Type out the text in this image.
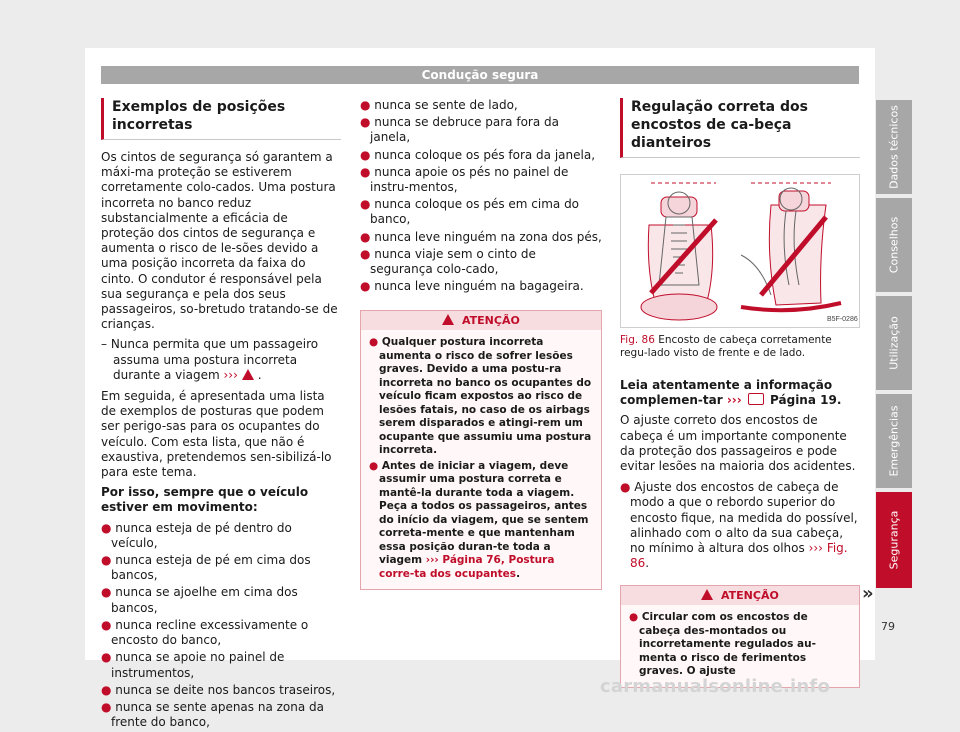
Condução segura
Exemplos de posições incorretas

Os cintos de segurança só garantem a máxi-ma proteção se estiverem corretamente colo-cados. Uma postura incorreta no banco reduz substancialmente a eficácia de proteção dos cintos de segurança e aumenta o risco de le-sões devido a uma posição incorreta da faixa do cinto. O condutor é responsável pela sua segurança e pela dos seus passageiros, so-bretudo tratando-se de crianças.

– Nunca permita que um passageiro assuma uma postura incorreta durante a viagem ››› .

Em seguida, é apresentada uma lista de exemplos de posturas que podem ser perigo-sas para os ocupantes do veículo. Com esta lista, que não é exaustiva, pretendemos sen-sibilizá-lo para este tema.

Por isso, sempre que o veículo estiver em movimento:

● nunca esteja de pé dentro do veículo,

● nunca esteja de pé em cima dos bancos,

● nunca se ajoelhe em cima dos bancos,

● nunca recline excessivamente o encosto do banco,

● nunca se apoie no painel de instrumentos,

● nunca se deite nos bancos traseiros,

● nunca se sente apenas na zona da frente do banco,

● nunca se sente de lado,

● nunca se debruce para fora da janela,

● nunca coloque os pés fora da janela,

● nunca apoie os pés no painel de instru-mentos,

● nunca coloque os pés em cima do banco,

● nunca leve ninguém na zona dos pés,

● nunca viaje sem o cinto de segurança colo-cado,

● nunca leve ninguém na bagageira.

ATENÇÃO

● Qualquer postura incorreta aumenta o risco de sofrer lesões graves. Devido a uma postu-ra incorreta no banco os ocupantes do veículo ficam expostos ao risco de lesões fatais, no caso de os airbags serem disparados e atingi-rem um ocupante que assumiu uma postura incorreta.

● Antes de iniciar a viagem, deve assumir uma postura correta e mantê-la durante toda a viagem. Peça a todos os passageiros, antes do início da viagem, que se sentem correta-mente e que mantenham essa posição duran-te toda a viagem ››› Página 76, Postura corre-ta dos ocupantes.

Regulação correta dos encostos de ca-beça dianteiros
B5F-0286

Fig. 86 Encosto de cabeça corretamente regu-lado visto de frente e de lado.

Leia atentamente a informação complemen-tar ››› Página 19.

O ajuste correto dos encostos de cabeça é um importante componente da proteção dos passageiros e pode evitar lesões na maioria dos acidentes.

● Ajuste dos encostos de cabeça de modo a que o rebordo superior do encosto fique, na medida do possível, alinhado com o alto da sua cabeça, no mínimo à altura dos olhos ››› Fig. 86.

ATENÇÃO

● Circular com os encostos de cabeça des-montados ou incorretamente regulados au-menta o risco de ferimentos graves. O ajuste

»
Dados técnicos
Conselhos
Utilização
Emergências
Segurança
79
carmanualsonline.info
